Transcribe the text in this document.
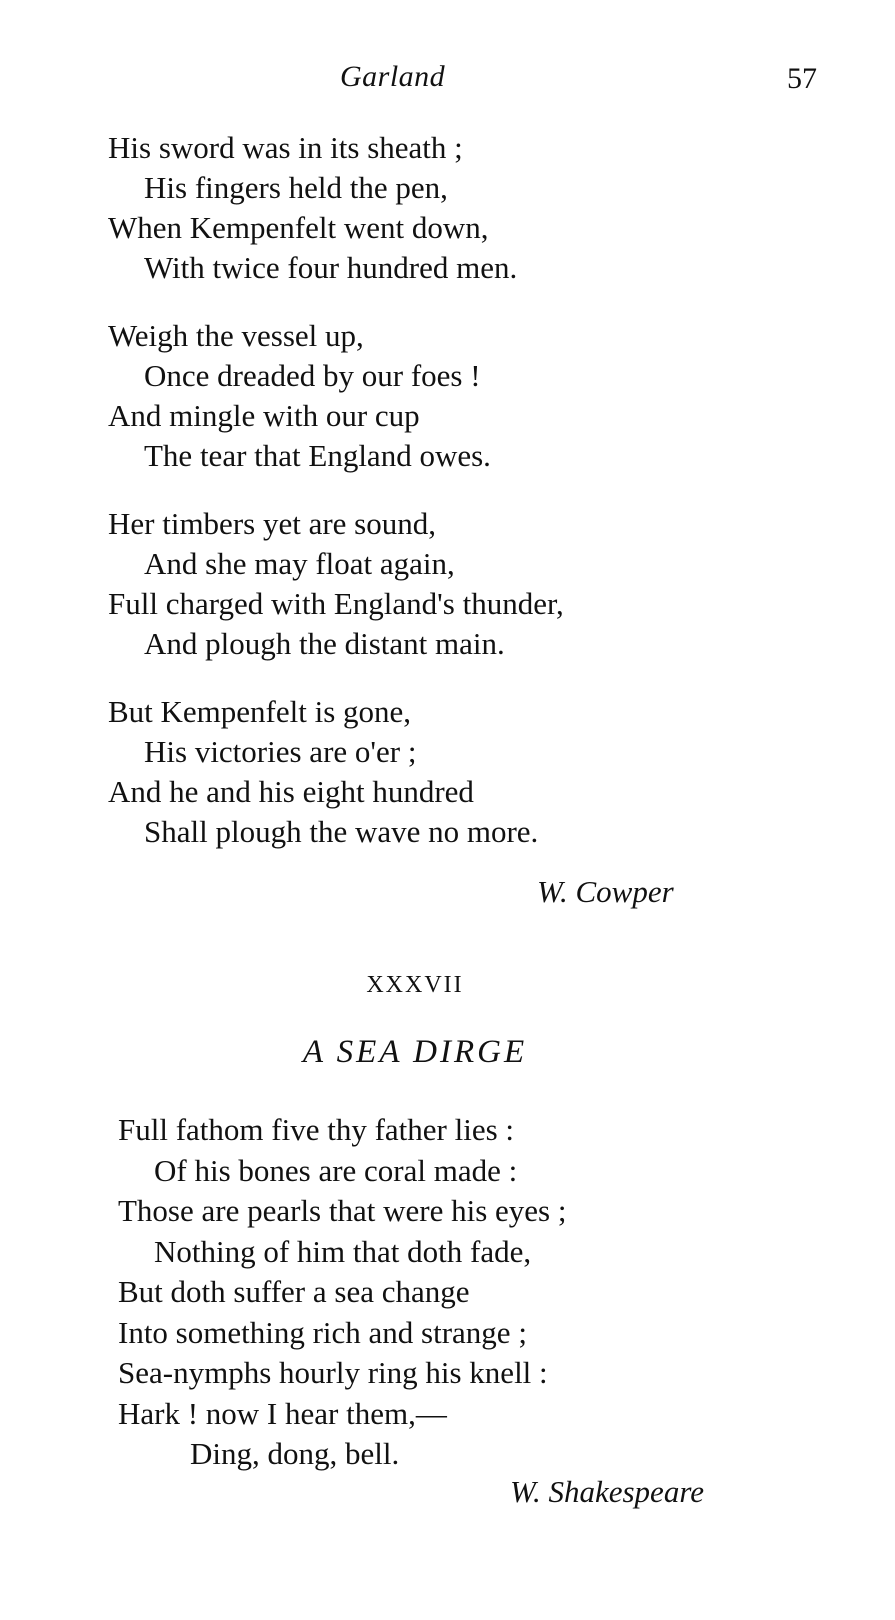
Garland	57
His sword was in its sheath ;
His fingers held the pen,
When Kempenfelt went down,
With twice four hundred men.
Weigh the vessel up,
Once dreaded by our foes !
And mingle with our cup
The tear that England owes.
Her timbers yet are sound,
And she may float again,
Full charged with England's thunder,
And plough the distant main.
But Kempenfelt is gone,
His victories are o'er ;
And he and his eight hundred
Shall plough the wave no more.
W. Cowper
XXXVII
A SEA DIRGE
Full fathom five thy father lies :
Of his bones are coral made :
Those are pearls that were his eyes ;
Nothing of him that doth fade,
But doth suffer a sea change
Into something rich and strange ;
Sea-nymphs hourly ring his knell :
Hark ! now I hear them,—
Ding, dong, bell.
W. Shakespeare
